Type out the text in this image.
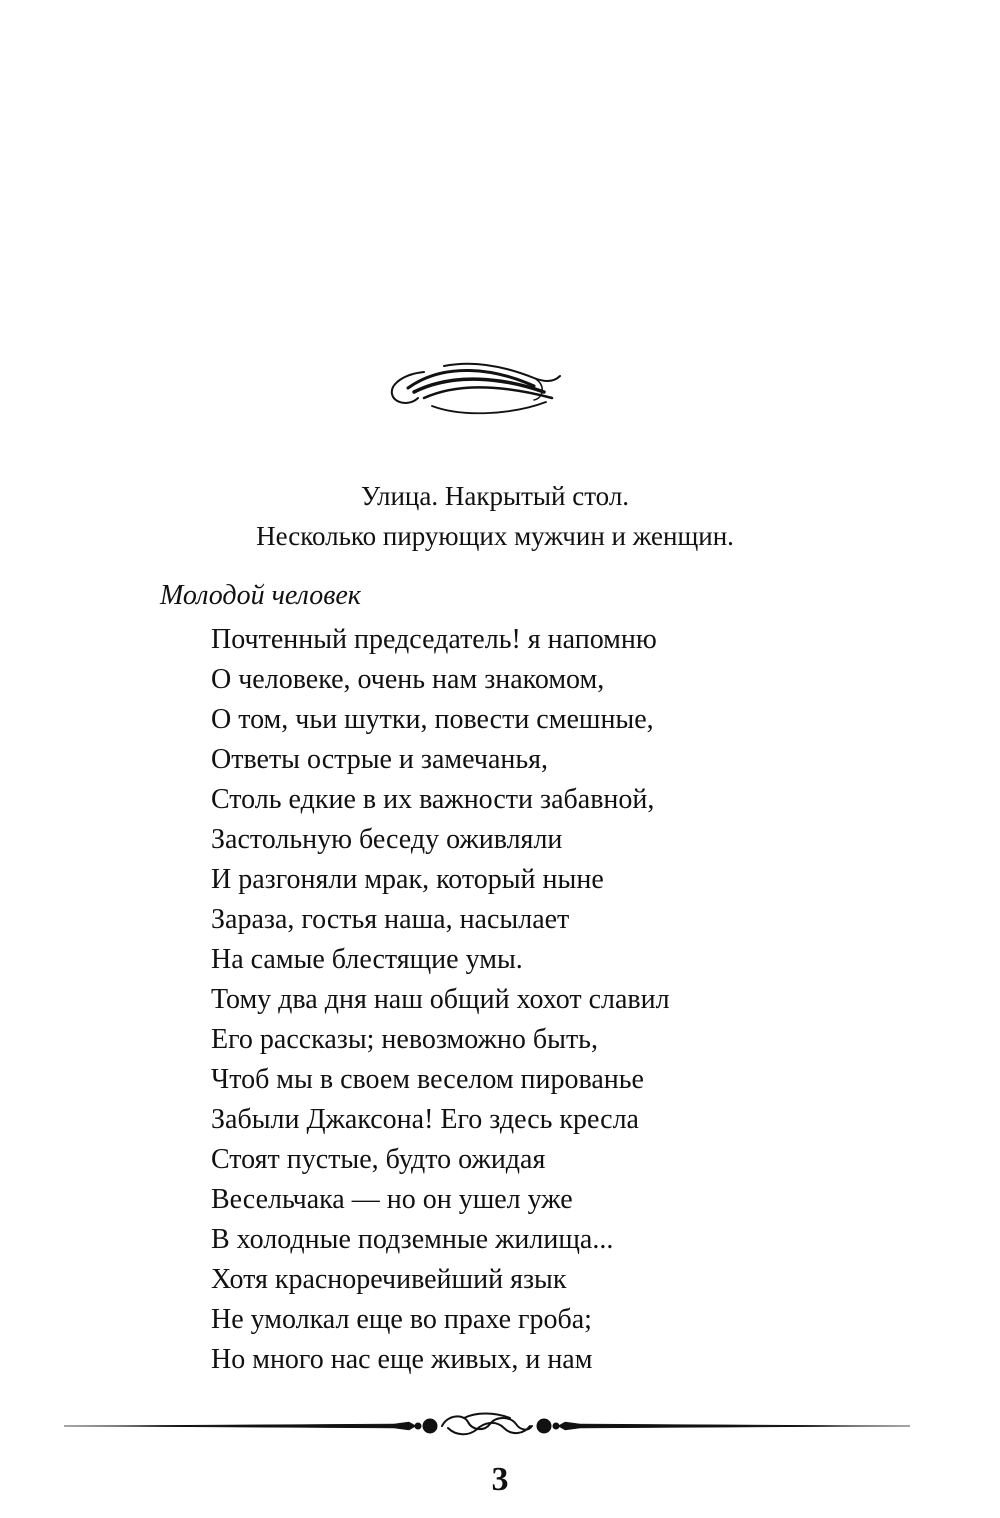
Улица. Накрытый стол.
Несколько пирующих мужчин и женщин.
Молодой человек
Почтенный председатель! я напомню
О человеке, очень нам знакомом,
О том, чьи шутки, повести смешные,
Ответы острые и замечанья,
Столь едкие в их важности забавной,
Застольную беседу оживляли
И разгоняли мрак, который ныне
Зараза, гостья наша, насылает
На самые блестящие умы.
Тому два дня наш общий хохот славил
Его рассказы; невозможно быть,
Чтоб мы в своем веселом пированье
Забыли Джаксона! Его здесь кресла
Стоят пустые, будто ожидая
Весельчака — но он ушел уже
В холодные подземные жилища...
Хотя красноречивейший язык
Не умолкал еще во прахе гроба;
Но много нас еще живых, и нам
3
